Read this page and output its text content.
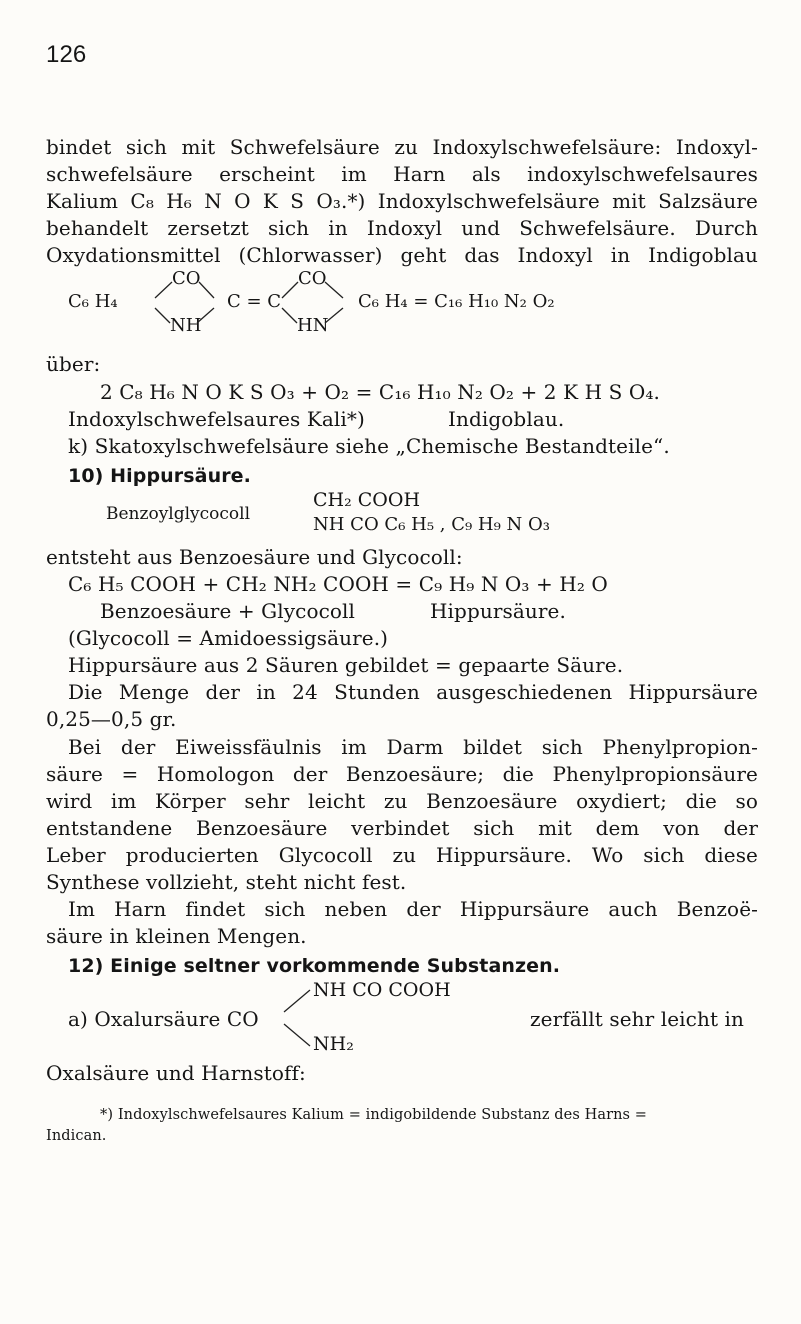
126
bindet sich mit Schwefelsäure zu Indoxylschwefelsäure: Indoxyl-
schwefelsäure erscheint im Harn als indoxylschwefelsaures
Kalium C₈ H₆ N O K S O₃.*) Indoxylschwefelsäure mit Salzsäure
behandelt zersetzt sich in Indoxyl und Schwefelsäure. Durch
Oxydationsmittel (Chlorwasser) geht das Indoxyl in Indigoblau
CO	CO
C₆ H₄	C = C	C₆ H₄ = C₁₆ H₁₀ N₂ O₂
NH	HN
über:
2 C₈ H₆ N O K S O₃ + O₂ = C₁₆ H₁₀ N₂ O₂ + 2 K H S O₄.
Indoxylschwefelsaures Kali*)	Indigoblau.
k) Skatoxylschwefelsäure siehe „Chemische Bestandteile“.
10) Hippursäure.
CH₂ COOH
Benzoylglycocoll	NH CO C₆ H₅ , C₉ H₉ N O₃
entsteht aus Benzoesäure und Glycocoll:
C₆ H₅ COOH + CH₂ NH₂ COOH = C₉ H₉ N O₃ + H₂ O
Benzoesäure + Glycocoll	Hippursäure.
(Glycocoll = Amidoessigsäure.)
Hippursäure aus 2 Säuren gebildet = gepaarte Säure.
Die Menge der in 24 Stunden ausgeschiedenen Hippursäure
0,25—0,5 gr.
Bei der Eiweissfäulnis im Darm bildet sich Phenylpropion-
säure = Homologon der Benzoesäure; die Phenylpropionsäure
wird im Körper sehr leicht zu Benzoesäure oxydiert; die so
entstandene Benzoesäure verbindet sich mit dem von der
Leber producierten Glycocoll zu Hippursäure. Wo sich diese
Synthese vollzieht, steht nicht fest.
Im Harn findet sich neben der Hippursäure auch Benzoë-
säure in kleinen Mengen.
12) Einige seltner vorkommende Substanzen.
NH CO COOH
a) Oxalursäure CO	zerfällt sehr leicht in
NH₂
Oxalsäure und Harnstoff:
*) Indoxylschwefelsaures Kalium = indigobildende Substanz des Harns =
Indican.
